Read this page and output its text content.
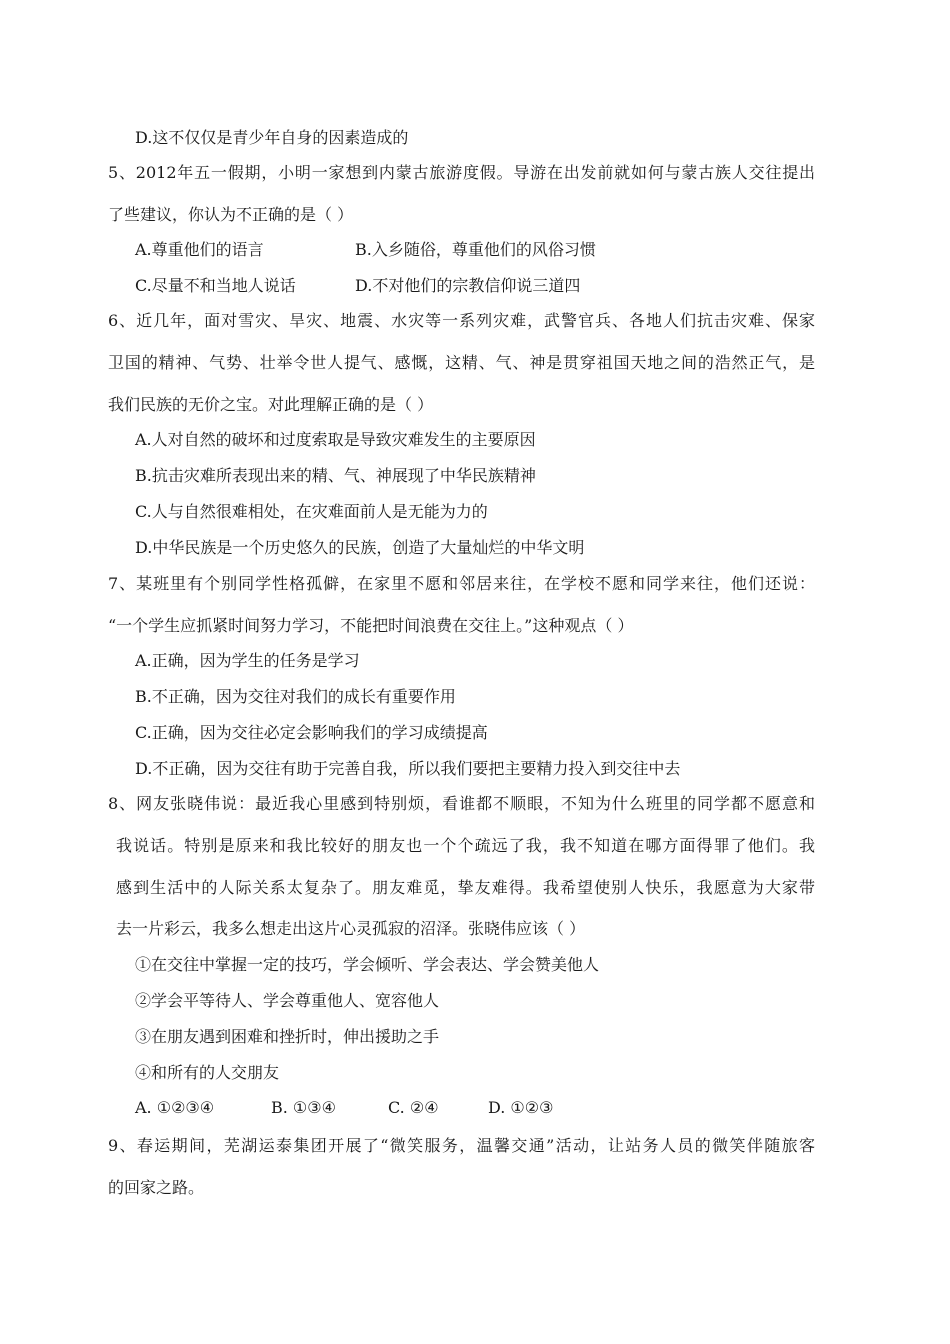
D.这不仅仅是青少年自身的因素造成的
5、2012年五一假期，小明一家想到内蒙古旅游度假。导游在出发前就如何与蒙古族人交往提出
了些建议，你认为不正确的是（ ）
A.尊重他们的语言	B.入乡随俗，尊重他们的风俗习惯
C.尽量不和当地人说话	D.不对他们的宗教信仰说三道四
6、近几年，面对雪灾、旱灾、地震、水灾等一系列灾难，武警官兵、各地人们抗击灾难、保家
卫国的精神、气势、壮举令世人提气、感慨，这精、气、神是贯穿祖国天地之间的浩然正气，是
我们民族的无价之宝。对此理解正确的是（ ）
A.人对自然的破坏和过度索取是导致灾难发生的主要原因
B.抗击灾难所表现出来的精、气、神展现了中华民族精神
C.人与自然很难相处，在灾难面前人是无能为力的
D.中华民族是一个历史悠久的民族，创造了大量灿烂的中华文明
7、某班里有个别同学性格孤僻，在家里不愿和邻居来往，在学校不愿和同学来往，他们还说：
“一个学生应抓紧时间努力学习，不能把时间浪费在交往上。”这种观点（ ）
A.正确，因为学生的任务是学习
B.不正确，因为交往对我们的成长有重要作用
C.正确，因为交往必定会影响我们的学习成绩提高
D.不正确，因为交往有助于完善自我，所以我们要把主要精力投入到交往中去
8、网友张晓伟说：最近我心里感到特别烦，看谁都不顺眼，不知为什么班里的同学都不愿意和
我说话。特别是原来和我比较好的朋友也一个个疏远了我，我不知道在哪方面得罪了他们。我
感到生活中的人际关系太复杂了。朋友难觅，挚友难得。我希望使别人快乐，我愿意为大家带
去一片彩云，我多么想走出这片心灵孤寂的沼泽。张晓伟应该（ ）
①在交往中掌握一定的技巧，学会倾听、学会表达、学会赞美他人
②学会平等待人、学会尊重他人、宽容他人
③在朋友遇到困难和挫折时，伸出援助之手
④和所有的人交朋友
A. ①②③④	B. ①③④	C. ②④	D. ①②③
9、春运期间，芜湖运泰集团开展了“微笑服务，温馨交通”活动，让站务人员的微笑伴随旅客
的回家之路。
